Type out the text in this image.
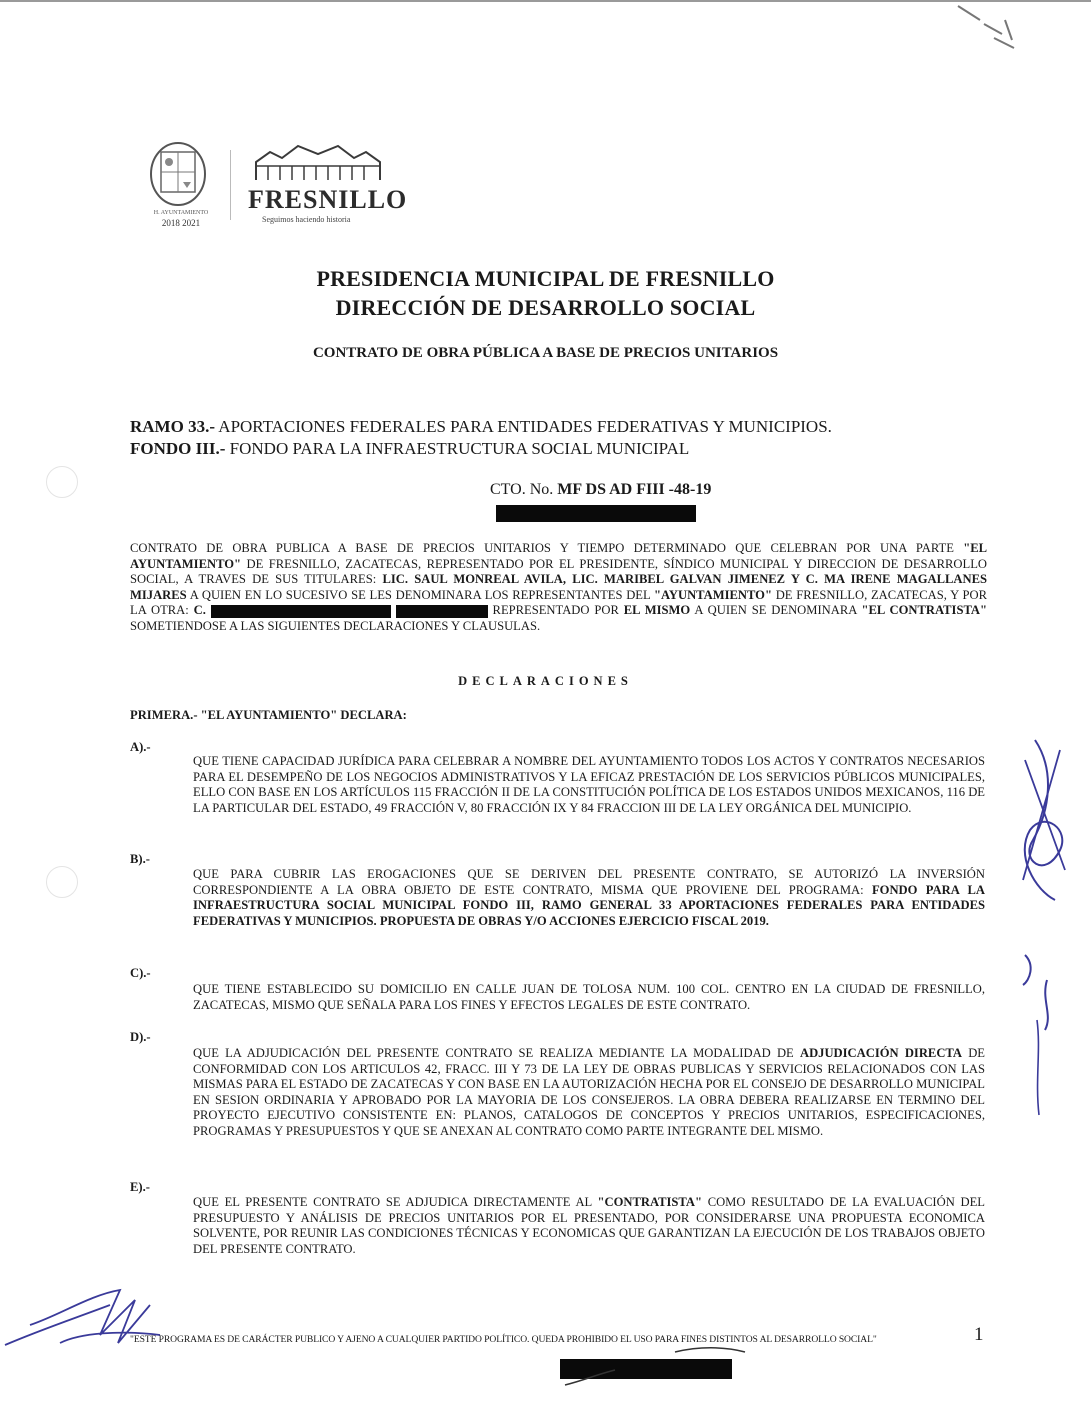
H. AYUNTAMIENTO
2018 2021
FRESNILLO
Seguimos haciendo historia
PRESIDENCIA MUNICIPAL DE FRESNILLO
DIRECCIÓN DE DESARROLLO SOCIAL
CONTRATO DE OBRA PÚBLICA A BASE DE PRECIOS UNITARIOS
RAMO 33.- APORTACIONES FEDERALES PARA ENTIDADES FEDERATIVAS Y MUNICIPIOS.
FONDO III.- FONDO PARA LA INFRAESTRUCTURA SOCIAL MUNICIPAL
CTO. No. MF DS AD FIII -48-19
CONTRATO DE OBRA PUBLICA A BASE DE PRECIOS UNITARIOS Y TIEMPO DETERMINADO QUE CELEBRAN POR UNA PARTE "EL AYUNTAMIENTO" DE FRESNILLO, ZACATECAS, REPRESENTADO POR EL PRESIDENTE, SÍNDICO MUNICIPAL Y DIRECCION DE DESARROLLO SOCIAL, A TRAVES DE SUS TITULARES: LIC. SAUL MONREAL AVILA, LIC. MARIBEL GALVAN JIMENEZ Y C. MA IRENE MAGALLANES MIJARES A QUIEN EN LO SUCESIVO SE LES DENOMINARA LOS REPRESENTANTES DEL "AYUNTAMIENTO" DE FRESNILLO, ZACATECAS, Y POR LA OTRA: C.	REPRESENTADO POR EL MISMO A QUIEN SE DENOMINARA "EL CONTRATISTA" SOMETIENDOSE A LAS SIGUIENTES DECLARACIONES Y CLAUSULAS.
DECLARACIONES
PRIMERA.- "EL AYUNTAMIENTO" DECLARA:
A).-
QUE TIENE CAPACIDAD JURÍDICA PARA CELEBRAR A NOMBRE DEL AYUNTAMIENTO TODOS LOS ACTOS Y CONTRATOS NECESARIOS PARA EL DESEMPEÑO DE LOS NEGOCIOS ADMINISTRATIVOS Y LA EFICAZ PRESTACIÓN DE LOS SERVICIOS PÚBLICOS MUNICIPALES, ELLO CON BASE EN LOS ARTÍCULOS 115 FRACCIÓN II DE LA CONSTITUCIÓN POLÍTICA DE LOS ESTADOS UNIDOS MEXICANOS, 116 DE LA PARTICULAR DEL ESTADO, 49 FRACCIÓN V, 80 FRACCIÓN IX Y 84 FRACCION III DE LA LEY ORGÁNICA DEL MUNICIPIO.
B).-
QUE PARA CUBRIR LAS EROGACIONES QUE SE DERIVEN DEL PRESENTE CONTRATO, SE AUTORIZÓ LA INVERSIÓN CORRESPONDIENTE A LA OBRA OBJETO DE ESTE CONTRATO, MISMA QUE PROVIENE DEL PROGRAMA: FONDO PARA LA INFRAESTRUCTURA SOCIAL MUNICIPAL FONDO III, RAMO GENERAL 33 APORTACIONES FEDERALES PARA ENTIDADES FEDERATIVAS Y MUNICIPIOS. PROPUESTA DE OBRAS Y/O ACCIONES EJERCICIO FISCAL 2019.
C).-
QUE TIENE ESTABLECIDO SU DOMICILIO EN CALLE JUAN DE TOLOSA NUM. 100 COL. CENTRO EN LA CIUDAD DE FRESNILLO, ZACATECAS, MISMO QUE SEÑALA PARA LOS FINES Y EFECTOS LEGALES DE ESTE CONTRATO.
D).-
QUE LA ADJUDICACIÓN DEL PRESENTE CONTRATO SE REALIZA MEDIANTE LA MODALIDAD DE ADJUDICACIÓN DIRECTA DE CONFORMIDAD CON LOS ARTICULOS 42, FRACC. III Y 73 DE LA LEY DE OBRAS PUBLICAS Y SERVICIOS RELACIONADOS CON LAS MISMAS PARA EL ESTADO DE ZACATECAS Y CON BASE EN LA AUTORIZACIÓN HECHA POR EL CONSEJO DE DESARROLLO MUNICIPAL EN SESION ORDINARIA Y APROBADO POR LA MAYORIA DE LOS CONSEJEROS. LA OBRA DEBERA REALIZARSE EN TERMINO DEL PROYECTO EJECUTIVO CONSISTENTE EN: PLANOS, CATALOGOS DE CONCEPTOS Y PRECIOS UNITARIOS, ESPECIFICACIONES, PROGRAMAS Y PRESUPUESTOS Y QUE SE ANEXAN AL CONTRATO COMO PARTE INTEGRANTE DEL MISMO.
E).-
QUE EL PRESENTE CONTRATO SE ADJUDICA DIRECTAMENTE AL "CONTRATISTA" COMO RESULTADO DE LA EVALUACIÓN DEL PRESUPUESTO Y ANÁLISIS DE PRECIOS UNITARIOS POR EL PRESENTADO, POR CONSIDERARSE UNA PROPUESTA ECONOMICA SOLVENTE, POR REUNIR LAS CONDICIONES TÉCNICAS Y ECONOMICAS QUE GARANTIZAN LA EJECUCIÓN DE LOS TRABAJOS OBJETO DEL PRESENTE CONTRATO.
"ESTE PROGRAMA ES DE CARÁCTER PUBLICO Y AJENO A CUALQUIER PARTIDO POLÍTICO. QUEDA PROHIBIDO EL USO PARA FINES DISTINTOS AL DESARROLLO SOCIAL"	1
